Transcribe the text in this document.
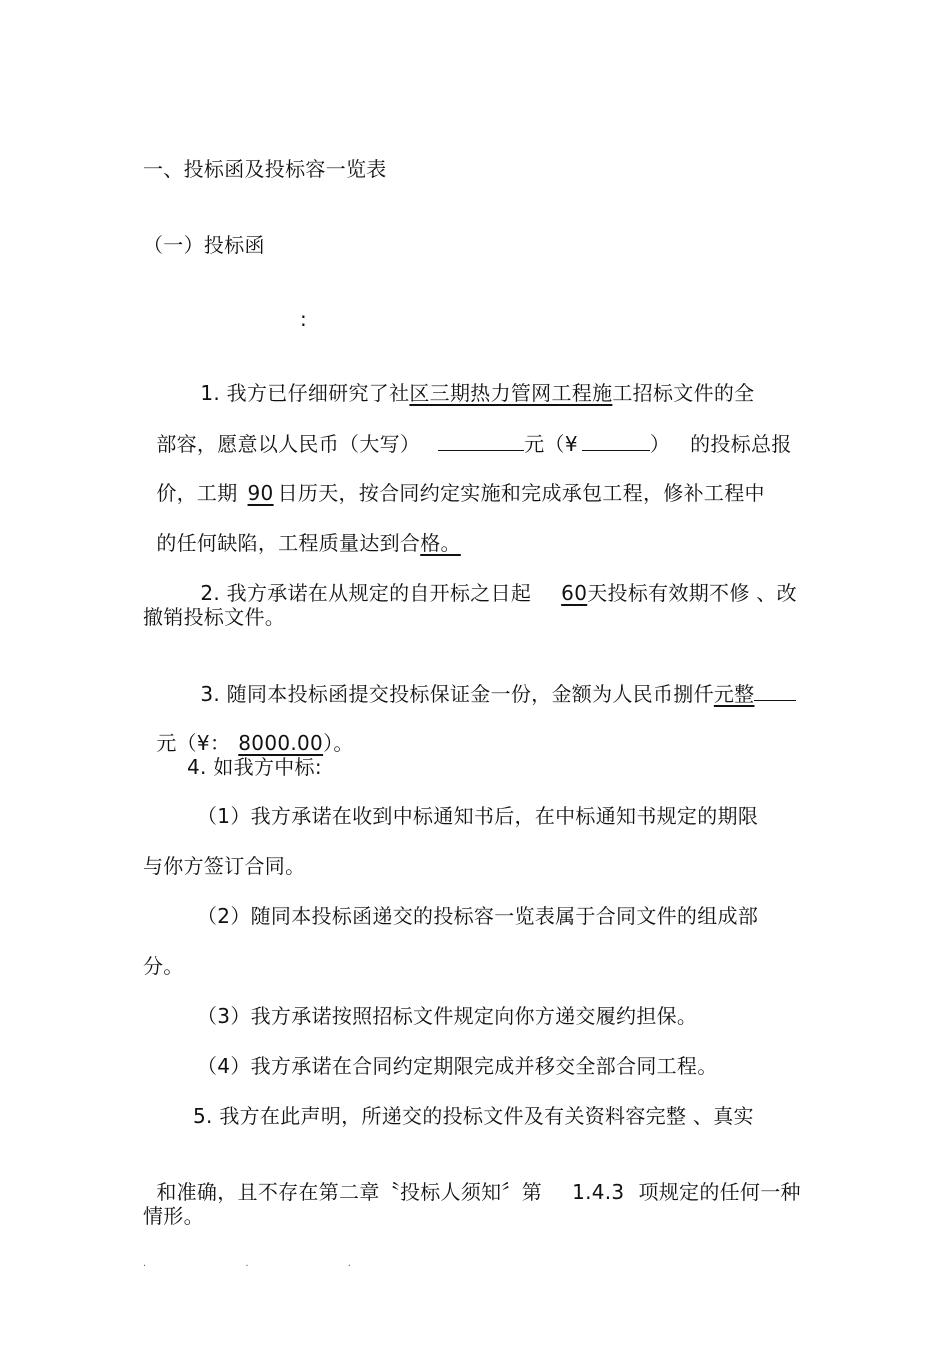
一、投标函及投标容一览表
（一）投标函
:

1. 我方已仔细研究了社区三期热力管网工程施工招标文件的全

部容，愿意以人民币（大写）	元（¥	）   的投标总报

价，工期 90 日历天，按合同约定实施和完成承包工程，修补工程中

的任何缺陷，工程质量达到合格。

2. 我方承诺在从规定的自开标之日起 60天投标有效期不修 、改

撤销投标文件。

3. 随同本投标函提交投标保证金一份，金额为人民币捌仟元整

元（¥： 8000.00）。

4. 如我方中标:
（1）我方承诺在收到中标通知书后，在中标通知书规定的期限
与你方签订合同。
（2）随同本投标函递交的投标容一览表属于合同文件的组成部
分。
（3）我方承诺按照招标文件规定向你方递交履约担保。
（4）我方承诺在合同约定期限完成并移交全部合同工程。
5. 我方在此声明，所递交的投标文件及有关资料容完整 、真实

和准确，且不存在第二章〝投标人须知〞第 1.4.3 项规定的任何一种

情形。
. . .
